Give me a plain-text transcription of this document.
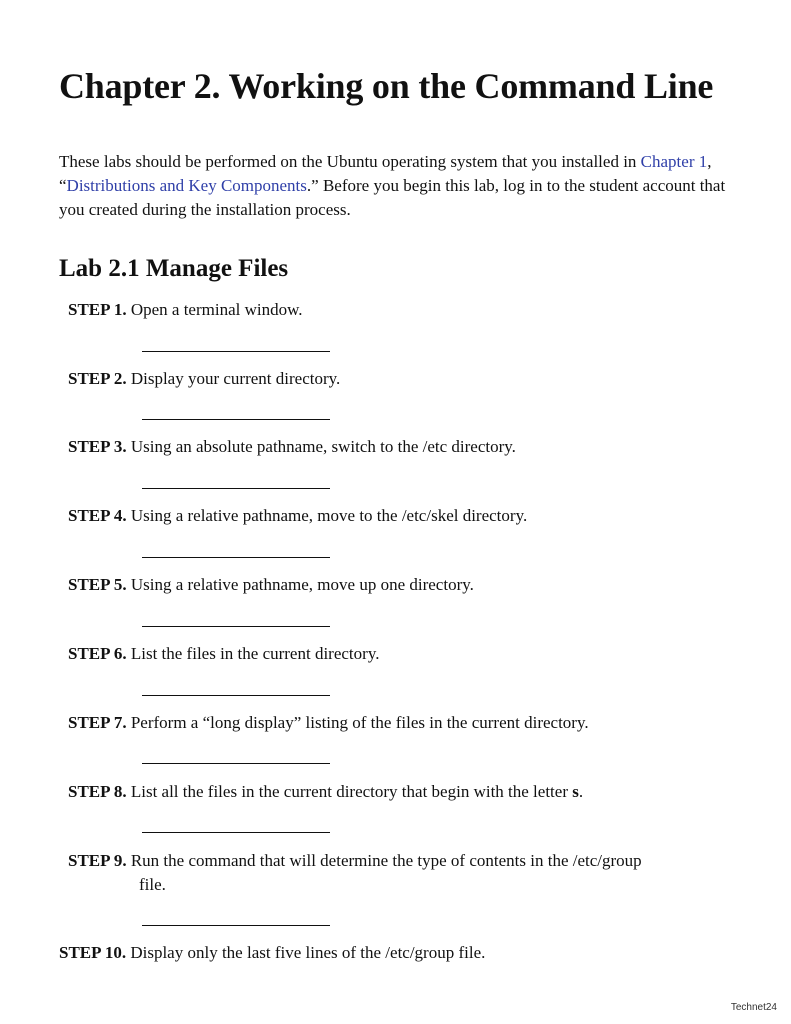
Chapter 2. Working on the Command Line

These labs should be performed on the Ubuntu operating system that you installed in Chapter 1, “Distributions and Key Components.” Before you begin this lab, log in to the student account that you created during the installation process.

Lab 2.1 Manage Files

STEP 1. Open a terminal window.

STEP 2. Display your current directory.

STEP 3. Using an absolute pathname, switch to the /etc directory.

STEP 4. Using a relative pathname, move to the /etc/skel directory.

STEP 5. Using a relative pathname, move up one directory.

STEP 6. List the files in the current directory.

STEP 7. Perform a “long display” listing of the files in the current directory.

STEP 8. List all the files in the current directory that begin with the letter s.

STEP 9. Run the command that will determine the type of contents in the /etc/group
file.

STEP 10. Display only the last five lines of the /etc/group file.

Technet24
